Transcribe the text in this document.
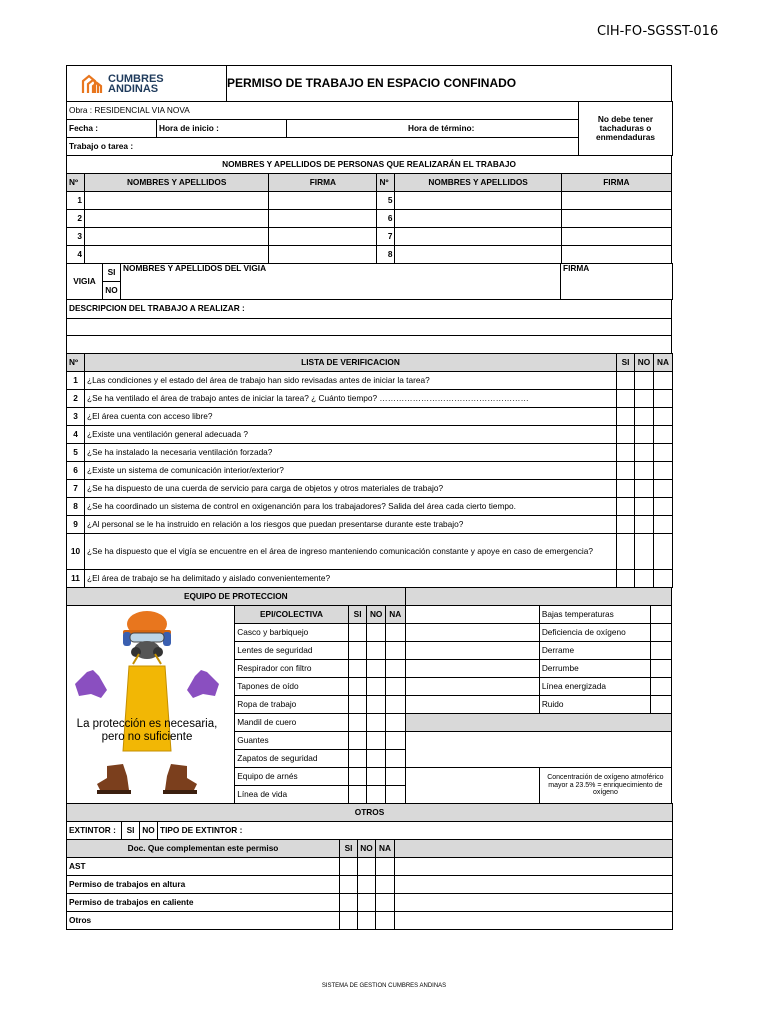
CIH-FO-SGSST-016
CUMBRES
ANDINAS	PERMISO DE TRABAJO EN ESPACIO CONFINADO
Obra : RESIDENCIAL VIA NOVA			No debe tener tachaduras o enmendaduras
Fecha :	Hora de inicio :	Hora de término:	
Trabajo o tarea :			
NOMBRES Y APELLIDOS DE PERSONAS QUE REALIZARÁN EL TRABAJO					
Nº	NOMBRES Y APELLIDOS	FIRMA	Nº	NOMBRES Y APELLIDOS	FIRMA
1			5		
2			6		
3			7		
4			8		
VIGIA	SI	NOMBRES Y APELLIDOS DEL VIGIA	FIRMA
NO
DESCRIPCION DEL TRABAJO A REALIZAR :

Nº	LISTA DE VERIFICACION	SI	NO	NA
1	¿Las condiciones y el estado del área de trabajo han sido revisadas antes de iniciar la tarea?			
2	¿Se ha ventilado el área de trabajo antes de iniciar la tarea? ¿ Cuánto tiempo? ………………………………………………			
3	¿El área cuenta con acceso libre?			
4	¿Existe una ventilación general adecuada ?			
5	¿Se ha instalado la necesaria ventilación forzada?			
6	¿Existe un sistema de comunicación interior/exterior?			
7	¿Se ha dispuesto de una cuerda de servicio para carga de objetos y otros materiales de trabajo?			
8	¿Se ha coordinado un sistema de control en oxigenanción para los trabajadores? Salida del área cada cierto tiempo.			
9	¿Al personal se le ha instruido en relación a los riesgos que puedan presentarse durante este trabajo?			
10	¿Se ha dispuesto que el vigía se encuentre en el área de ingreso manteniendo comunicación constante y apoye en caso de emergencia?			
11	¿El área de trabajo se ha delimitado y aislado convenientemente?			
EQUIPO DE PROTECCION							

La protección es necesaria,
pero no suficiente	EPI/COLECTIVA	SI	NO	NA		Bajas temperaturas	
	Casco y barbiquejo					Deficiencia de oxígeno	
	Lentes de seguridad					Derrame	
	Respirador con filtro					Derrumbe	
	Tapones de oído					Línea energizada	
	Ropa de trabajo					Ruido	
	Mandil de cuero						
	Guantes						
	Zapatos de seguridad						
	Equipo de arnés					Concentración de oxígeno atmoférico mayor a 23.5% = enriquecimiento de oxígeno	
	Línea de vida						
OTROS							
EXTINTOR :	SI	NO	TIPO DE EXTINTOR :				
Doc. Que complementan este permiso				SI	NO	NA	
AST							
Permiso de trabajos en altura							
Permiso de trabajos en caliente							
Otros							
SISTEMA DE GESTION CUMBRES ANDINAS
